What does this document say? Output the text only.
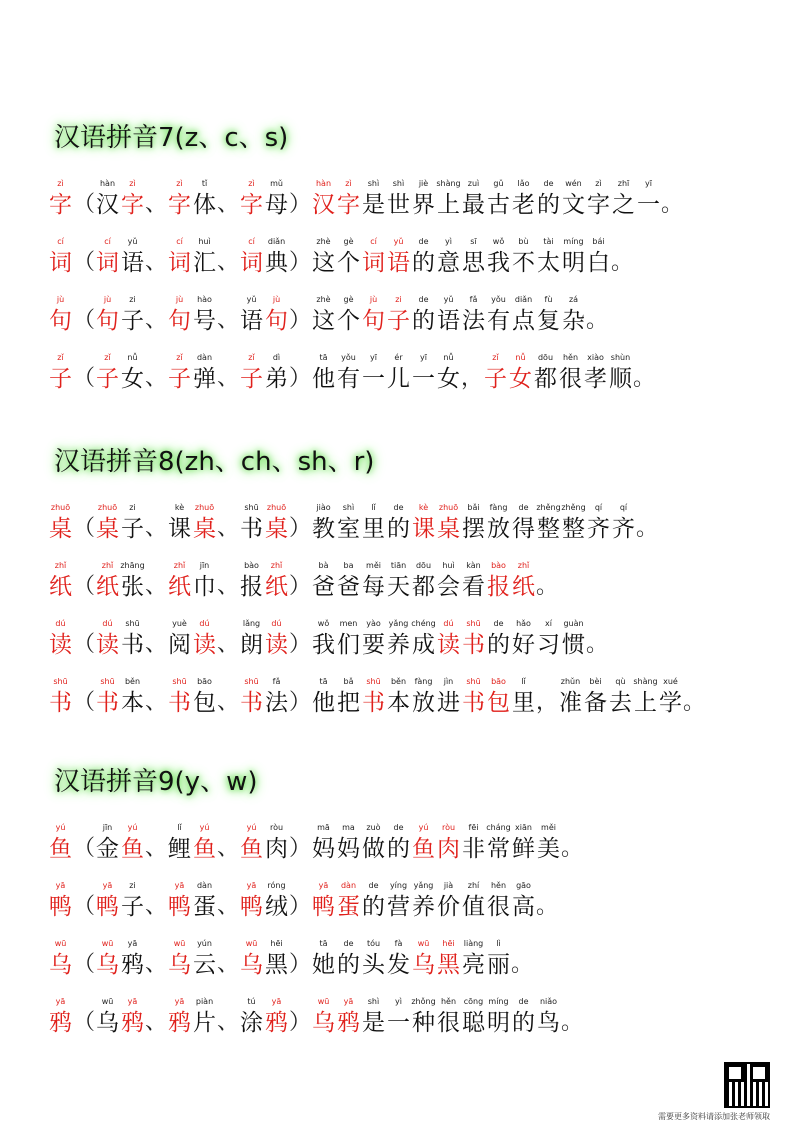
汉语拼音7(z、c、s)
zì
字 （
hàn
汉
zì
字 、
zì
字
tǐ
体 、
zì
字
mǔ
母 ）
hàn
汉
zì
字
shì
是
shì
世
jiè
界
shàng
上
zuì
最
gǔ
古
lǎo
老
de
的
wén
文
zì
字
zhī
之
yī
一 。
cí
词 （
cí
词
yǔ
语 、
cí
词
huì
汇 、
cí
词
diǎn
典 ）
zhè
这
gè
个
cí
词
yǔ
语
de
的
yì
意
sī
思
wǒ
我
bù
不
tài
太
míng
明
bái
白 。
jù
句 （
jù
句
zi
子 、
jù
句
hào
号 、
yǔ
语
jù
句 ）
zhè
这
gè
个
jù
句
zi
子
de
的
yǔ
语
fǎ
法
yǒu
有
diǎn
点
fù
复
zá
杂 。
zǐ
子 （
zǐ
子
nǚ
女 、
zǐ
子
dàn
弹 、
zǐ
子
dì
弟 ）
tā
他
yǒu
有
yī
一
ér
儿
yī
一
nǚ
女 ，
zǐ
子
nǚ
女
dōu
都
hěn
很
xiào
孝
shùn
顺 。
汉语拼音8(zh、ch、sh、r)
zhuō
桌 （
zhuō
桌
zi
子 、
kè
课
zhuō
桌 、
shū
书
zhuō
桌 ）
jiào
教
shì
室
lǐ
里
de
的
kè
课
zhuō
桌
bǎi
摆
fàng
放
de
得
zhěng
整
zhěng
整
qí
齐
qí
齐 。
zhǐ
纸 （
zhǐ
纸
zhāng
张 、
zhǐ
纸
jīn
巾 、
bào
报
zhǐ
纸 ）
bà
爸
ba
爸
měi
每
tiān
天
dōu
都
huì
会
kàn
看
bào
报
zhǐ
纸 。
dú
读 （
dú
读
shū
书 、
yuè
阅
dú
读 、
lǎng
朗
dú
读 ）
wǒ
我
men
们
yào
要
yǎng
养
chéng
成
dú
读
shū
书
de
的
hǎo
好
xí
习
guàn
惯 。
shū
书 （
shū
书
běn
本 、
shū
书
bāo
包 、
shū
书
fǎ
法 ）
tā
他
bǎ
把
shū
书
běn
本
fàng
放
jìn
进
shū
书
bāo
包
lǐ
里 ，
zhǔn
准
bèi
备
qù
去
shàng
上
xué
学 。
汉语拼音9(y、w)
yú
鱼 （
jīn
金
yú
鱼 、
lǐ
鲤
yú
鱼 、
yú
鱼
ròu
肉 ）
mā
妈
ma
妈
zuò
做
de
的
yú
鱼
ròu
肉
fēi
非
cháng
常
xiān
鲜
měi
美 。
yā
鸭 （
yā
鸭
zi
子 、
yā
鸭
dàn
蛋 、
yā
鸭
róng
绒 ）
yā
鸭
dàn
蛋
de
的
yíng
营
yǎng
养
jià
价
zhí
值
hěn
很
gāo
高 。
wū
乌 （
wū
乌
yā
鸦 、
wū
乌
yún
云 、
wū
乌
hēi
黑 ）
tā
她
de
的
tóu
头
fà
发
wū
乌
hēi
黑
liàng
亮
lì
丽 。
yā
鸦 （
wū
乌
yā
鸦 、
yā
鸦
piàn
片 、
tú
涂
yā
鸦 ）
wū
乌
yā
鸦
shì
是
yì
一
zhǒng
种
hěn
很
cōng
聪
míng
明
de
的
niǎo
鸟 。
需要更多资料请添加张老师领取
